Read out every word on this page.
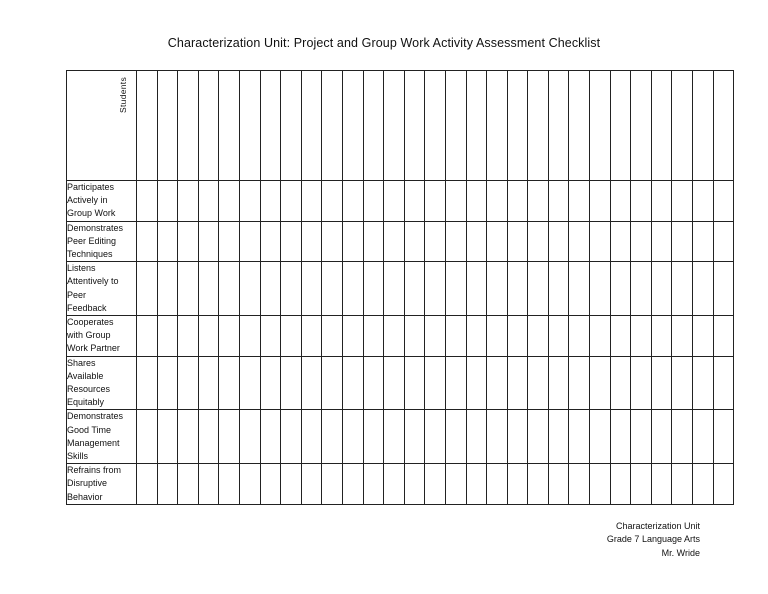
Characterization Unit: Project and Group Work Activity Assessment Checklist
Students																													

Participates
Actively in
Group Work																													

Demonstrates
Peer Editing
Techniques																													

Listens
Attentively to
Peer
Feedback																													

Cooperates
with Group
Work Partner																													

Shares
Available
Resources
Equitably																													

Demonstrates
Good Time
Management
Skills																													

Refrains from
Disruptive
Behavior																													

Characterization Unit
Grade 7 Language Arts
Mr. Wride
